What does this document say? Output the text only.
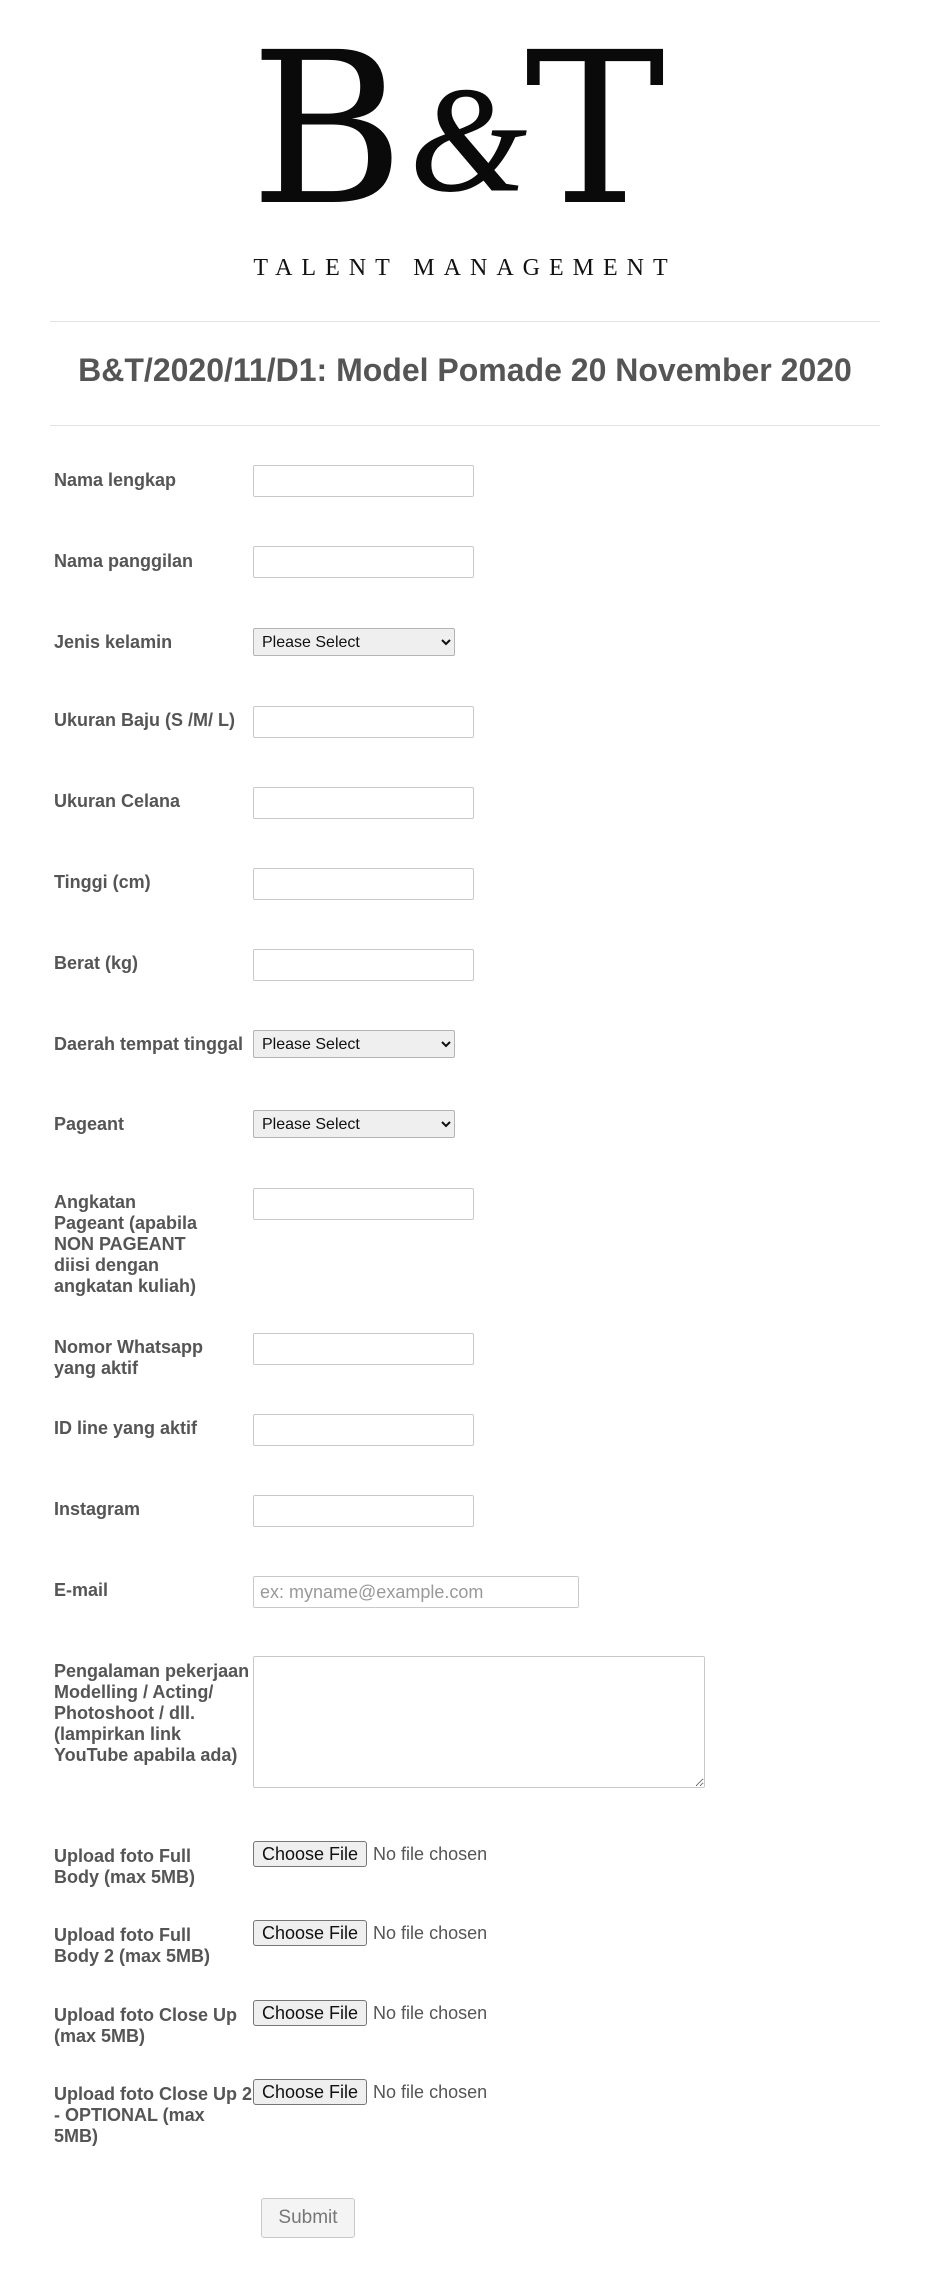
B &
T
TALENT MANAGEMENT
B&T/2020/11/D1: Model Pomade 20 November 2020
Nama lengkap
Nama panggilan
Jenis kelamin
Please Select
Ukuran Baju (S /M/ L)
Ukuran Celana
Tinggi (cm)
Berat (kg)
Daerah tempat tinggal
Please Select
Pageant
Please Select
Angkatan Pageant (apabila NON PAGEANT diisi dengan angkatan kuliah)
Nomor Whatsapp yang aktif
ID line yang aktif
Instagram
E-mail
ex: myname@example.com
Pengalaman pekerjaan Modelling / Acting/ Photoshoot / dll. (lampirkan link YouTube apabila ada)
Upload foto Full Body (max 5MB)
Choose File No file chosen
Upload foto Full Body 2 (max 5MB)
Choose File No file chosen
Upload foto Close Up (max 5MB)
Choose File No file chosen
Upload foto Close Up 2 - OPTIONAL (max 5MB)
Choose File No file chosen
Submit
